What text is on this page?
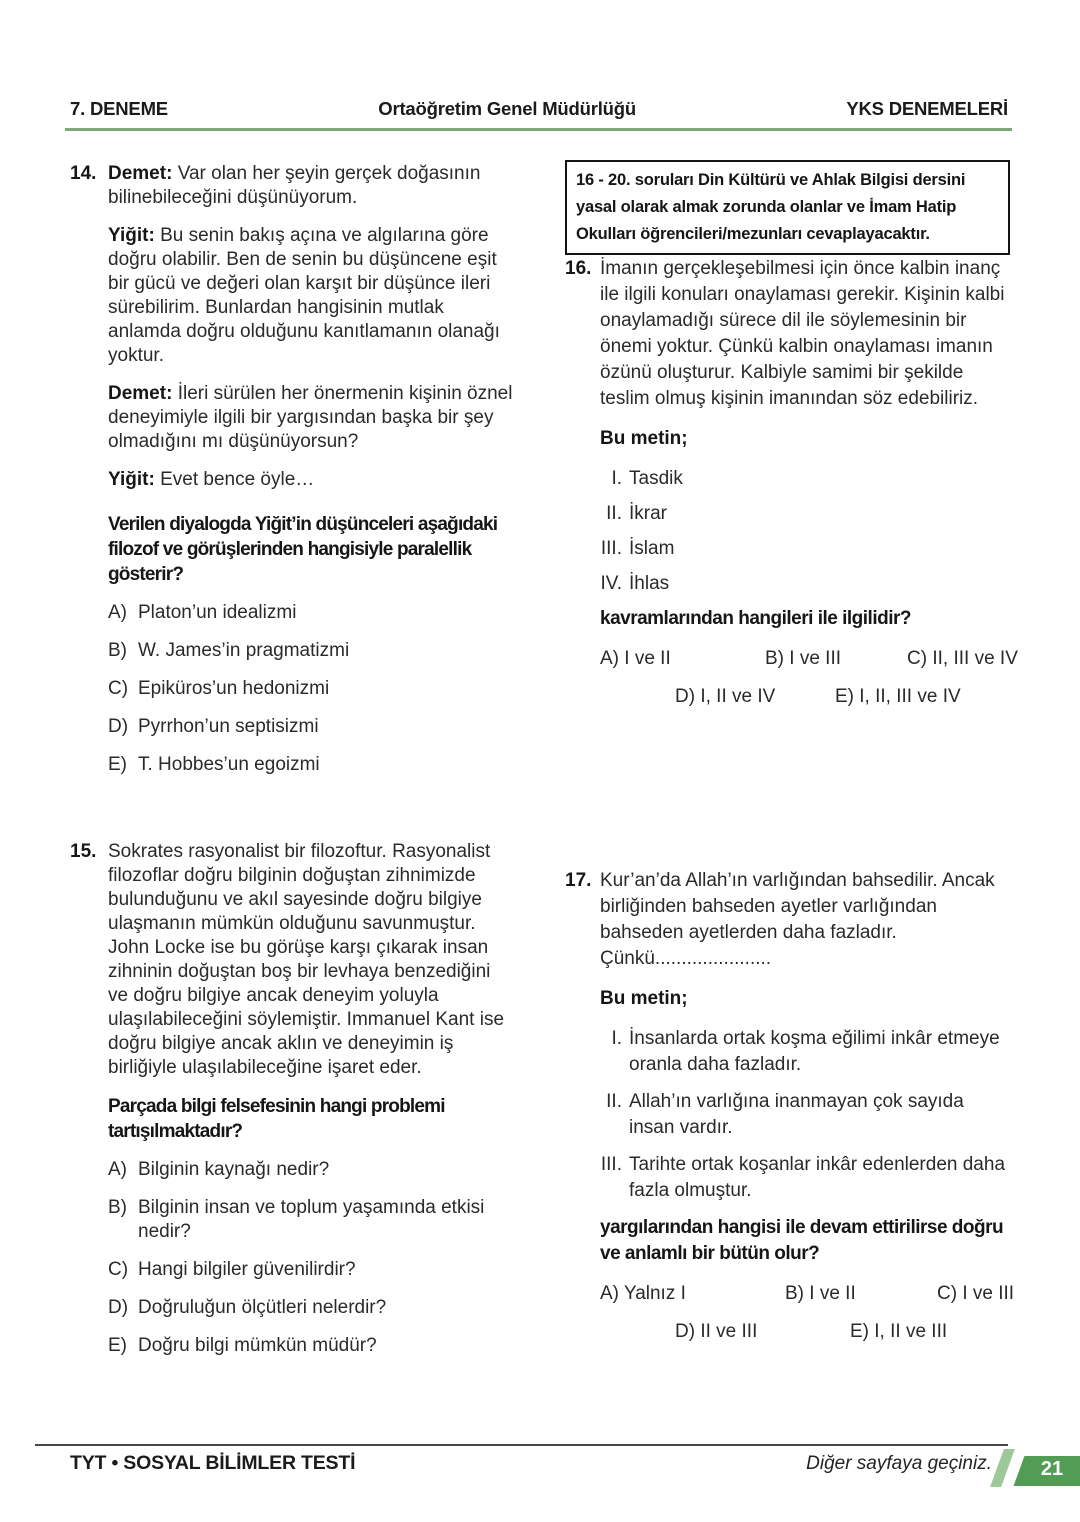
7. DENEME	Ortaöğretim Genel Müdürlüğü	YKS DENEMELERİ
14. Demet: Var olan her şeyin gerçek doğasının bilinebileceğini düşünüyorum.

Yiğit: Bu senin bakış açına ve algılarına göre doğru olabilir. Ben de senin bu düşüncene eşit bir gücü ve değeri olan karşıt bir düşünce ileri sürebilirim. Bunlardan hangisinin mutlak anlamda doğru olduğunu kanıtlamanın olanağı yoktur.

Demet: İleri sürülen her önermenin kişinin öznel deneyimiyle ilgili bir yargısından başka bir şey olmadığını mı düşünüyorsun?

Yiğit: Evet bence öyle…

Verilen diyalogda Yiğit’in düşünceleri aşağıdaki filozof ve görüşlerinden hangisiyle paralellik gösterir?

A) Platon’un idealizmi
B) W. James’in pragmatizmi
C) Epiküros’un hedonizmi
D) Pyrrhon’un septisizmi
E) T. Hobbes’un egoizmi
15. Sokrates rasyonalist bir filozoftur. Rasyonalist filozoflar doğru bilginin doğuştan zihnimizde bulunduğunu ve akıl sayesinde doğru bilgiye ulaşmanın mümkün olduğunu savunmuştur. John Locke ise bu görüşe karşı çıkarak insan zihninin doğuştan boş bir levhaya benzediğini ve doğru bilgiye ancak deneyim yoluyla ulaşılabileceğini söylemiştir. Immanuel Kant ise doğru bilgiye ancak aklın ve deneyimin iş birliğiyle ulaşılabileceğine işaret eder.

Parçada bilgi felsefesinin hangi problemi tartışılmaktadır?

A) Bilginin kaynağı nedir?
B) Bilginin insan ve toplum yaşamında etkisi nedir?
C) Hangi bilgiler güvenilirdir?
D) Doğruluğun ölçütleri nelerdir?
E) Doğru bilgi mümkün müdür?
16 - 20. soruları Din Kültürü ve Ahlak Bilgisi dersini yasal olarak almak zorunda olanlar ve İmam Hatip Okulları öğrencileri/mezunları cevaplayacaktır.
16. İmanın gerçekleşebilmesi için önce kalbin inanç ile ilgili konuları onaylaması gerekir. Kişinin kalbi onaylamadığı sürece dil ile söylemesinin bir önemi yoktur. Çünkü kalbin onaylaması imanın özünü oluşturur. Kalbiyle samimi bir şekilde teslim olmuş kişinin imanından söz edebiliriz.

Bu metin;

I. Tasdik
II. İkrar
III. İslam
IV. İhlas

kavramlarından hangileri ile ilgilidir?

A) I ve II	B) I ve III	C) II, III ve IV
D) I, II ve IV	E) I, II, III ve IV
17. Kur’an’da Allah’ın varlığından bahsedilir. Ancak birliğinden bahseden ayetler varlığından bahseden ayetlerden daha fazladır. Çünkü......................

Bu metin;

I. İnsanlarda ortak koşma eğilimi inkâr etmeye oranla daha fazladır.
II. Allah’ın varlığına inanmayan çok sayıda insan vardır.
III. Tarihte ortak koşanlar inkâr edenlerden daha fazla olmuştur.

yargılarından hangisi ile devam ettirilirse doğru ve anlamlı bir bütün olur?

A) Yalnız I	B) I ve II	C) I ve III
D) II ve III	E) I, II ve III
TYT • SOSYAL BİLİMLER TESTİ	Diğer sayfaya geçiniz.	21
